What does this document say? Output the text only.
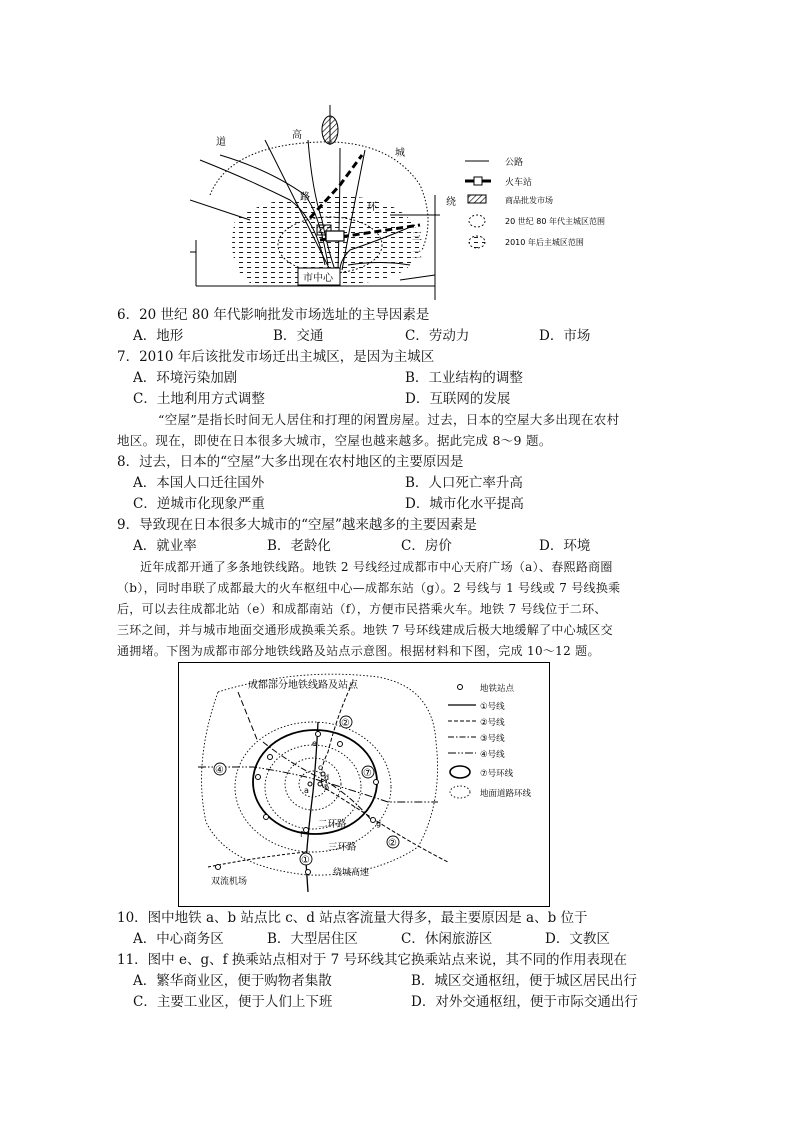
市中心
道
高
城
路
环	绕
三
二
公路
火车站
商品批发市场
20 世纪 80 年代主城区范围
2010 年后主城区范围
6．20 世纪 80 年代影响批发市场选址的主导因素是
A．地形	B．交通	C．劳动力	D．市场
7．2010 年后该批发市场迁出主城区，是因为主城区
A．环境污染加剧	B．工业结构的调整
C．土地利用方式调整	D．互联网的发展
“空屋”是指长时间无人居住和打理的闲置房屋。过去，日本的空屋大多出现在农村
地区。现在，即使在日本很多大城市，空屋也越来越多。据此完成 8～9 题。
8．过去，日本的“空屋”大多出现在农村地区的主要原因是
A．本国人口迁往国外	B．人口死亡率升高
C．逆城市化现象严重	D．城市化水平提高
9．导致现在日本很多大城市的“空屋”越来越多的主要因素是
A．就业率	B．老龄化	C．房价	D．环境
近年成都开通了多条地铁线路。地铁 2 号线经过成都市中心天府广场（a）、春熙路商圈
（b），同时串联了成都最大的火车枢纽中心—成都东站（g）。2 号线与 1 号线或 7 号线换乘
后，可以去往成都北站（e）和成都南站（f），方便市民搭乘火车。地铁 7 号线位于二环、
三环之间，并与城市地面交通形成换乘关系。地铁 7 号环线建成后极大地缓解了中心城区交
通拥堵。下图为成都市部分地铁线路及站点示意图。根据材料和下图，完成 10～12 题。
②
④	⑦
②
①
a b
c
d
e
f
g
二环路
三环路
绕城高速
双流机场
成都部分地铁线路及站点	地铁站点
①号线
②号线
③号线
④号线
⑦号环线
地面道路环线
10．图中地铁 a、b 站点比 c、d 站点客流量大得多，最主要原因是 a、b 位于
A．中心商务区	B．大型居住区	C．休闲旅游区	D．文教区
11．图中 e、g、f 换乘站点相对于 7 号环线其它换乘站点来说，其不同的作用表现在
A．繁华商业区，便于购物者集散	B．城区交通枢纽，便于城区居民出行
C．主要工业区，便于人们上下班	D．对外交通枢纽，便于市际交通出行
